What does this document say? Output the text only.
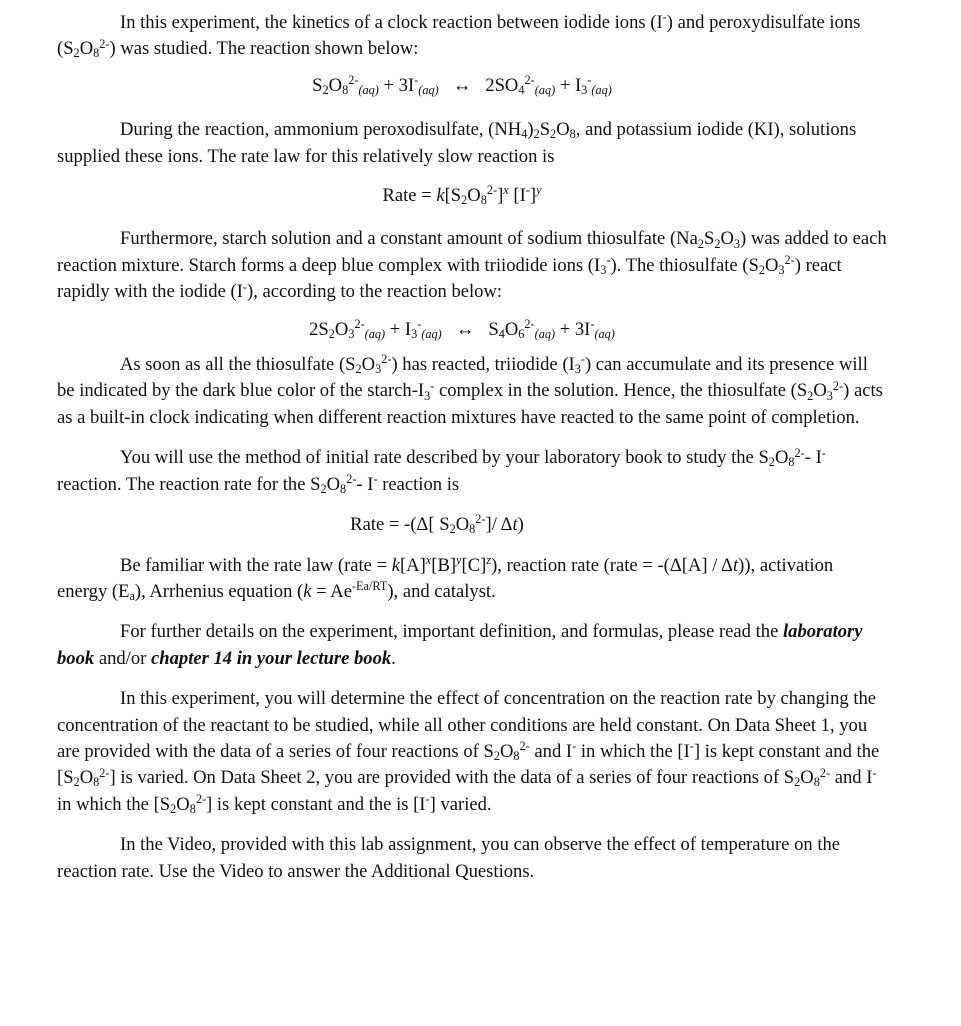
In this experiment, the kinetics of a clock reaction between iodide ions (I-) and peroxydisulfate ions $(S_2O_8^{2-})$ was studied. The reaction shown below:

$S_2O_8^{2-}(aq) + 3I^-(aq)$ ↔ $2SO_4^{2-}(aq) + I_3^-(aq)$

During the reaction, ammonium peroxodisulfate, $(NH_4)_2S_2O_8$, and potassium iodide (KI), solutions supplied these ions. The rate law for this relatively slow reaction is

Rate = $k[S_2O_8^{2-}]^x$ $[I^-]^y$

Furthermore, starch solution and a constant amount of sodium thiosulfate $(Na_2S_2O_3)$ was added to each reaction mixture. Starch forms a deep blue complex with triiodide ions $(I_3^-)$. The thiosulfate $(S_2O_3^{2-})$ react rapidly with the iodide (I-), according to the reaction below:

$2S_2O_3^{2-}(aq) + I_3^-(aq)$ ↔ $S_4O_6^{2-}(aq) + 3I^-(aq)$

As soon as all the thiosulfate $(S_2O_3^{2-})$ has reacted, triiodide $(I_3^-)$ can accumulate and its presence will be indicated by the dark blue color of the starch-$I_3^-$ complex in the solution. Hence, the thiosulfate $(S_2O_3^{2-})$ acts as a built-in clock indicating when different reaction mixtures have reacted to the same point of completion.

You will use the method of initial rate described by your laboratory book to study the $S_2O_8^{2-}-$ I- reaction. The reaction rate for the $S_2O_8^{2-}-$ I- reaction is

Rate = -(Δ[ $S_2O_8^{2-}]/$ Δt)

Be familiar with the rate law (rate = $k[A]^x[B]^y[C]^z$), reaction rate (rate = -(Δ[A] / Δt)), activation energy $(E_a)$, Arrhenius equation $(k = Ae^{-Ea/RT})$, and catalyst.

For further details on the experiment, important definition, and formulas, please read the laboratory book and/or chapter 14 in your lecture book.

In this experiment, you will determine the effect of concentration on the reaction rate by changing the concentration of the reactant to be studied, while all other conditions are held constant. On Data Sheet 1, you are provided with the data of a series of four reactions of $S_2O_8^{2-}$ and I- in which the [I-] is kept constant and the $[S_2O_8^{2-}]$ is varied. On Data Sheet 2, you are provided with the data of a series of four reactions of $S_2O_8^{2-}$ and I- in which the $[S_2O_8^{2-}]$ is kept constant and the is [I-] varied.

In the Video, provided with this lab assignment, you can observe the effect of temperature on the reaction rate. Use the Video to answer the Additional Questions.
